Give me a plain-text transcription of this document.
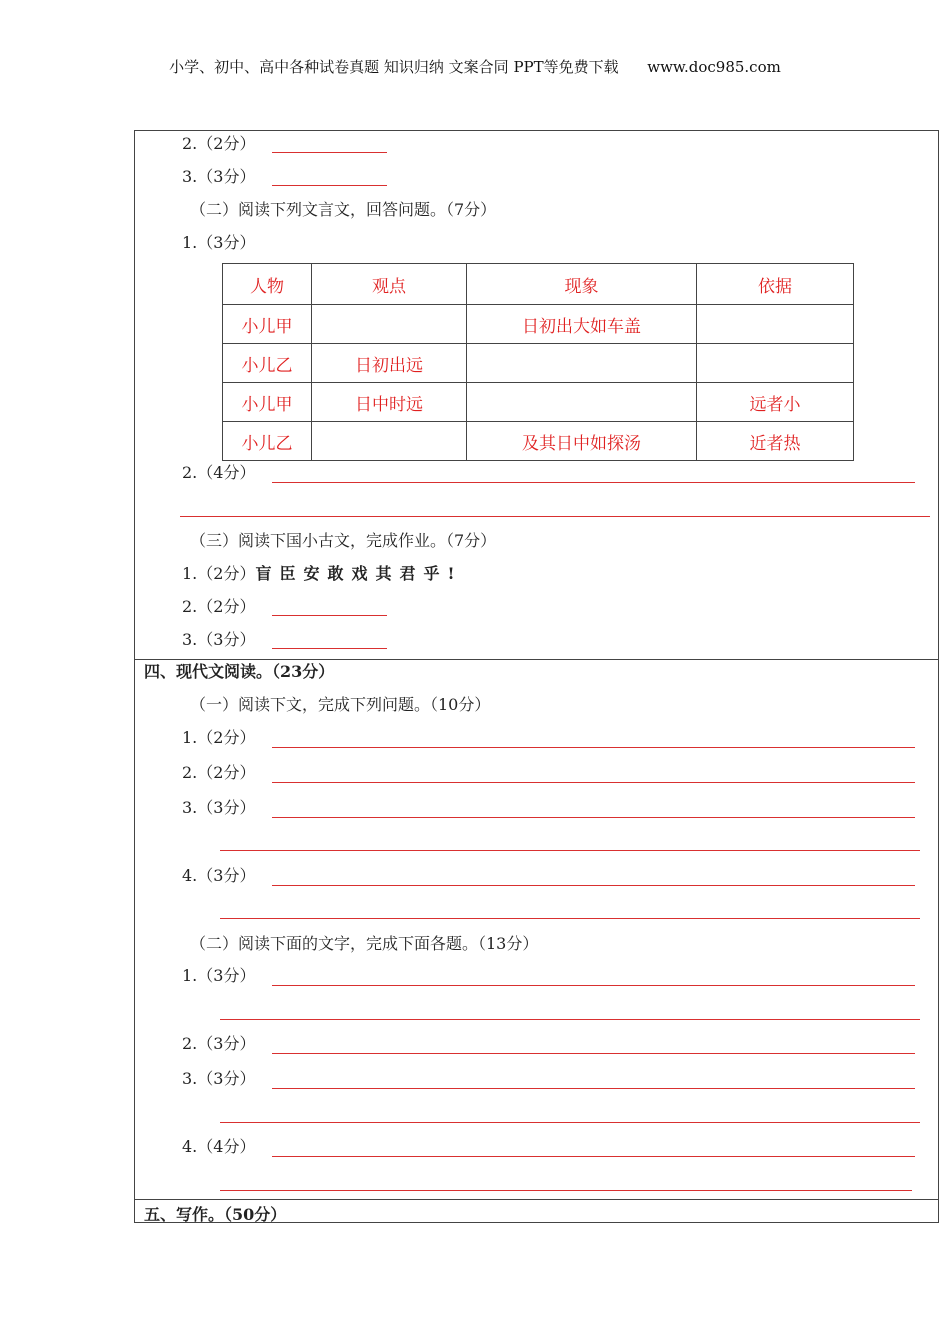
小学、初中、高中各种试卷真题 知识归纳 文案合同 PPT等免费下载      www.doc985.com
2.（2分）
3.（3分）
（二）阅读下列文言文，回答问题。（7分）
1.（3分）
人物	观点	现象	依据
小儿甲		日初出大如车盖	
小儿乙	日初出远		
小儿甲	日中时远		远者小
小儿乙		及其日中如探汤	近者热
2.（4分）
（三）阅读下国小古文，完成作业。（7分）
1.（2分）盲臣安敢戏其君乎!
2.（2分）
3.（3分）
四、现代文阅读。（23分）
（一）阅读下文，完成下列问题。（10分）
1.（2分）
2.（2分）
3.（3分）
4.（3分）
（二）阅读下面的文字，完成下面各题。（13分）
1.（3分）
2.（3分）
3.（3分）
4.（4分）
五、写作。（50分）
